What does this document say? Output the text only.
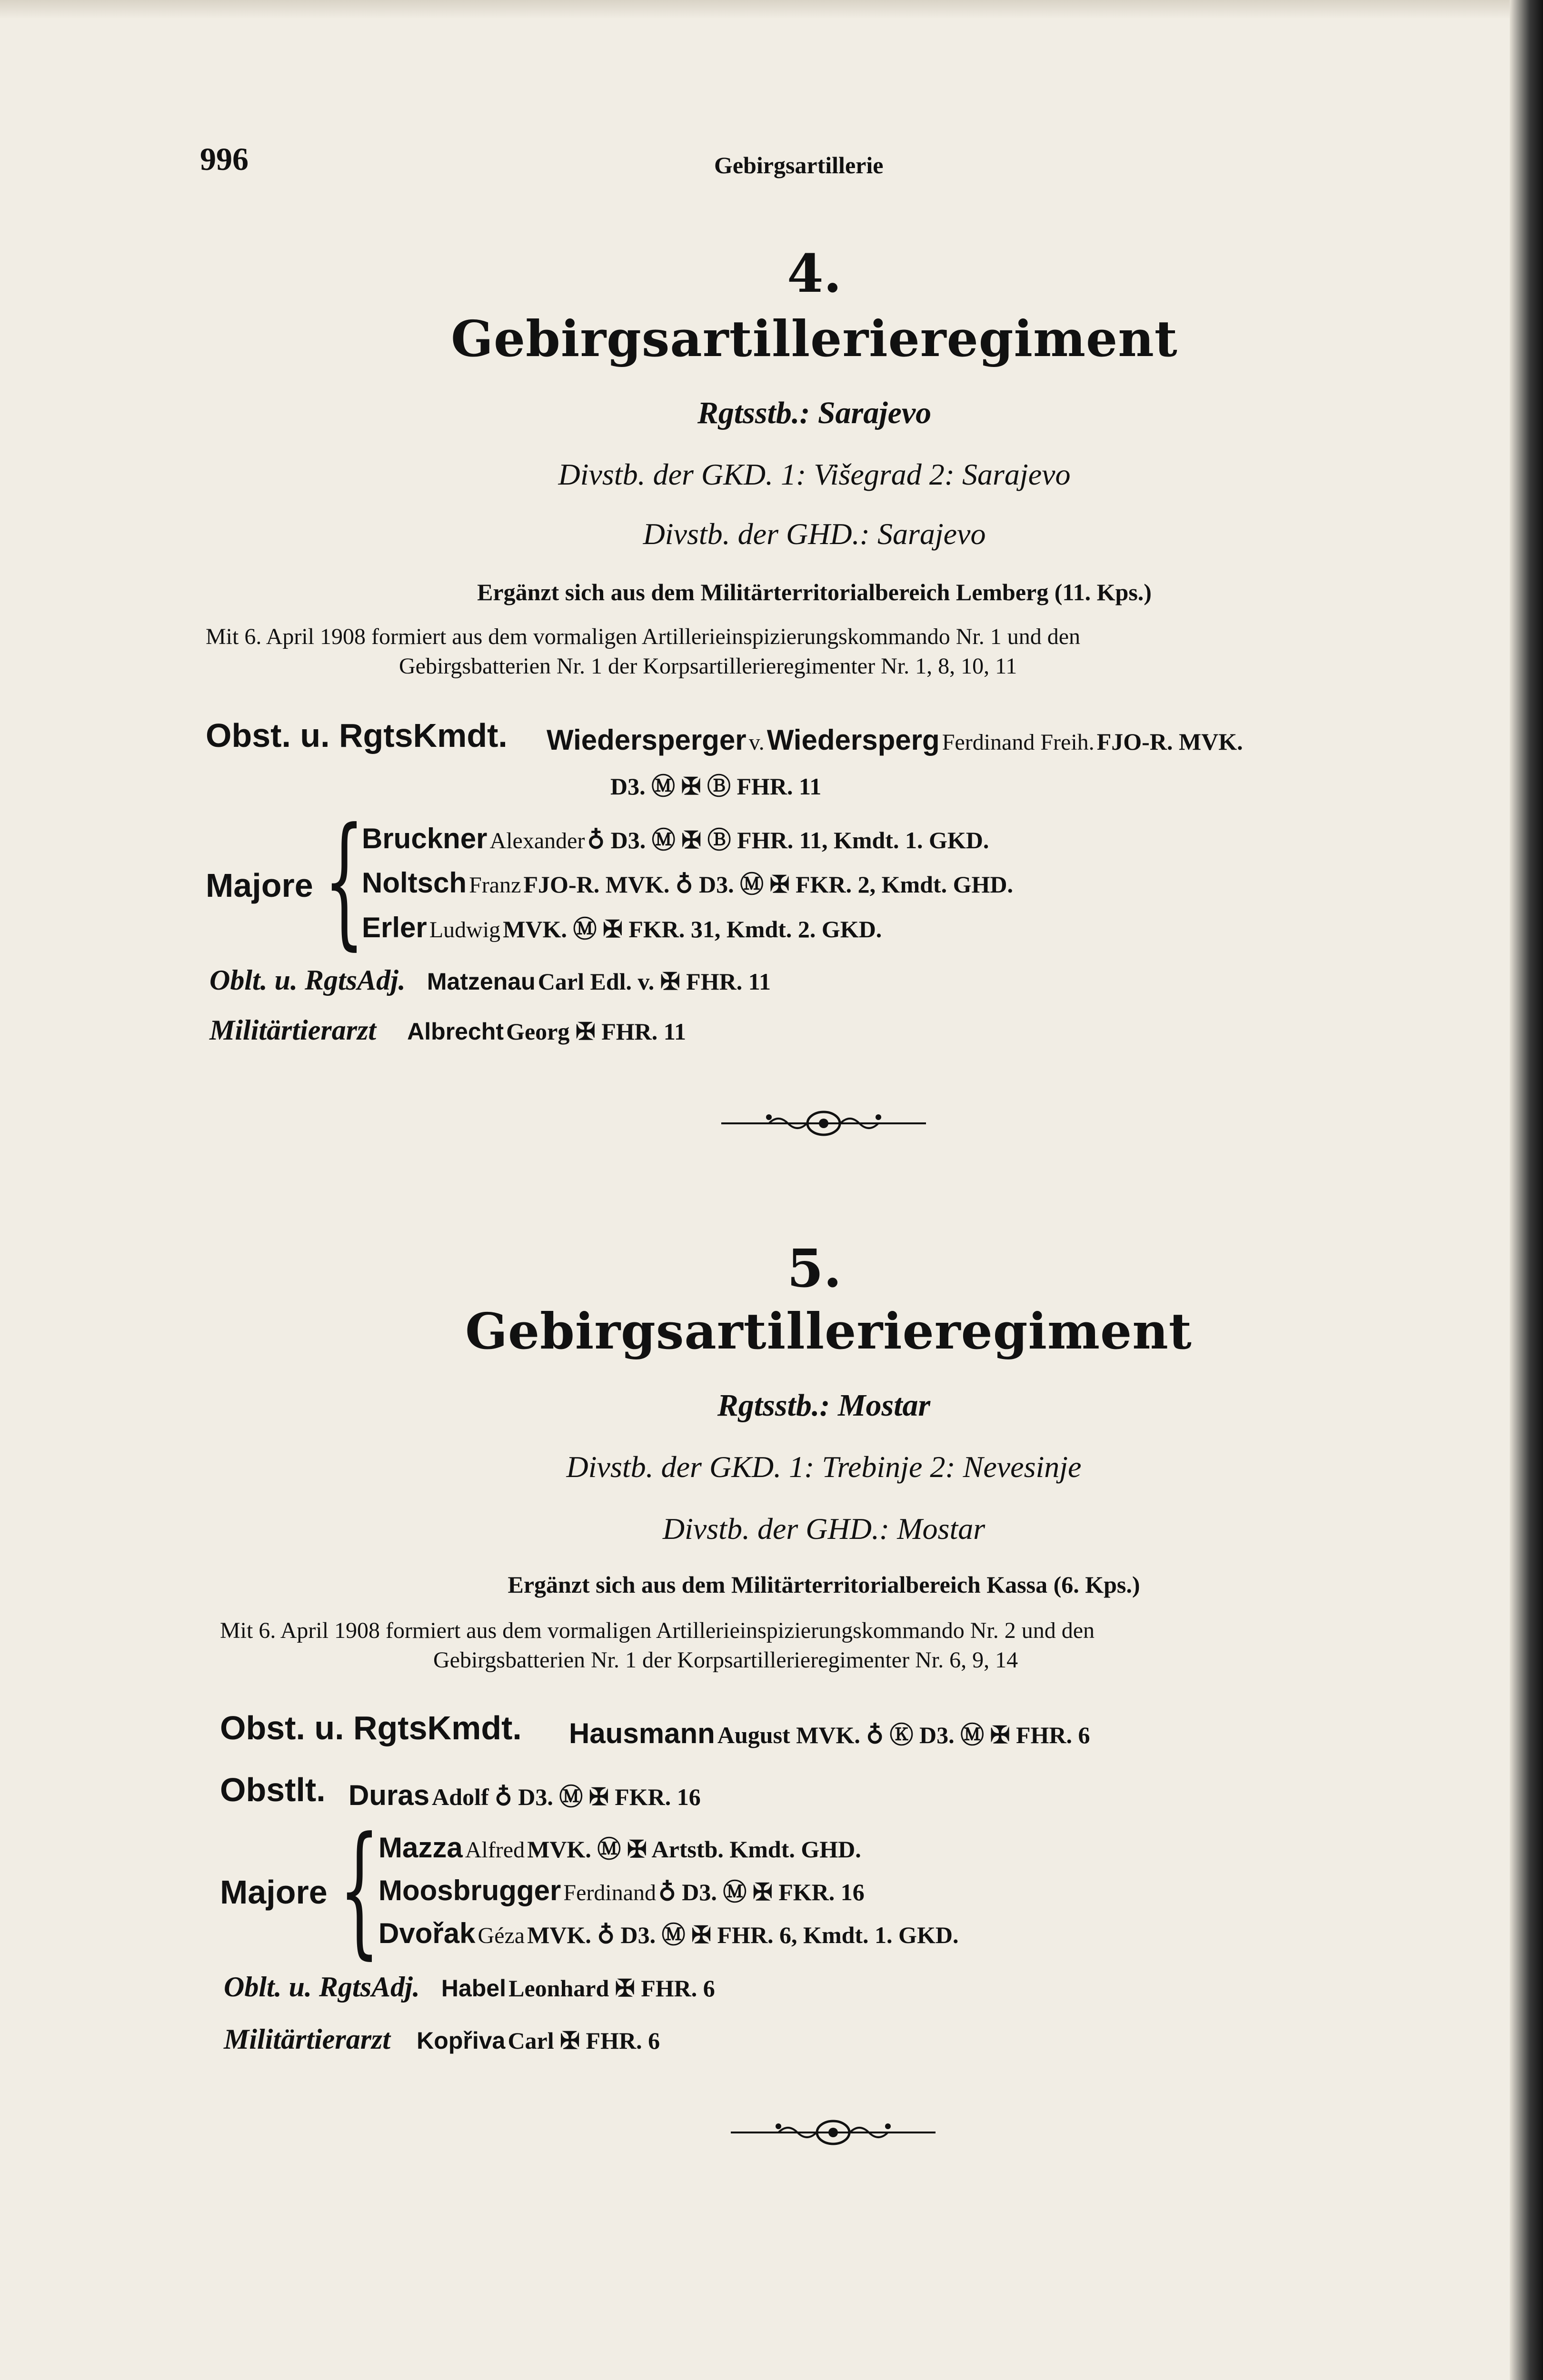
996	Gebirgsartillerie
4.
Gebirgsartillerieregiment
Rgtsstb.: Sarajevo
Divstb. der GKD. 1: Višegrad 2: Sarajevo
Divstb. der GHD.: Sarajevo
Ergänzt sich aus dem Militärterritorialbereich Lemberg (11. Kps.)
Mit 6. April 1908 formiert aus dem vormaligen Artillerieinspizierungskommando Nr. 1 und den
Gebirgsbatterien Nr. 1 der Korpsartillerieregimenter Nr. 1, 8, 10, 11
Obst. u. RgtsKmdt. Wiedersperger v. Wiedersperg Ferdinand Freih. FJO-R. MVK.
D3. Ⓜ ✠ Ⓑ FHR. 11
Majore {
Bruckner Alexander ♁ D3. Ⓜ ✠ Ⓑ FHR. 11, Kmdt. 1. GKD.
Noltsch Franz FJO-R. MVK. ♁ D3. Ⓜ ✠ FKR. 2, Kmdt. GHD.
Erler Ludwig MVK. Ⓜ ✠ FKR. 31, Kmdt. 2. GKD.
Oblt. u. RgtsAdj. Matzenau Carl Edl. v. ✠ FHR. 11
Militärtierarzt Albrecht Georg ✠ FHR. 11
5.
Gebirgsartillerieregiment
Rgtsstb.: Mostar
Divstb. der GKD. 1: Trebinje 2: Nevesinje
Divstb. der GHD.: Mostar
Ergänzt sich aus dem Militärterritorialbereich Kassa (6. Kps.)
Mit 6. April 1908 formiert aus dem vormaligen Artillerieinspizierungskommando Nr. 2 und den
Gebirgsbatterien Nr. 1 der Korpsartillerieregimenter Nr. 6, 9, 14
Obst. u. RgtsKmdt. Hausmann August MVK. ♁ Ⓚ D3. Ⓜ ✠ FHR. 6
Obstlt. Duras Adolf ♁ D3. Ⓜ ✠ FKR. 16
Majore {
Mazza Alfred MVK. Ⓜ ✠ Artstb. Kmdt. GHD.
Moosbrugger Ferdinand ♁ D3. Ⓜ ✠ FKR. 16
Dvořak Géza MVK. ♁ D3. Ⓜ ✠ FHR. 6, Kmdt. 1. GKD.
Oblt. u. RgtsAdj. Habel Leonhard ✠ FHR. 6
Militärtierarzt Kopřiva Carl ✠ FHR. 6
